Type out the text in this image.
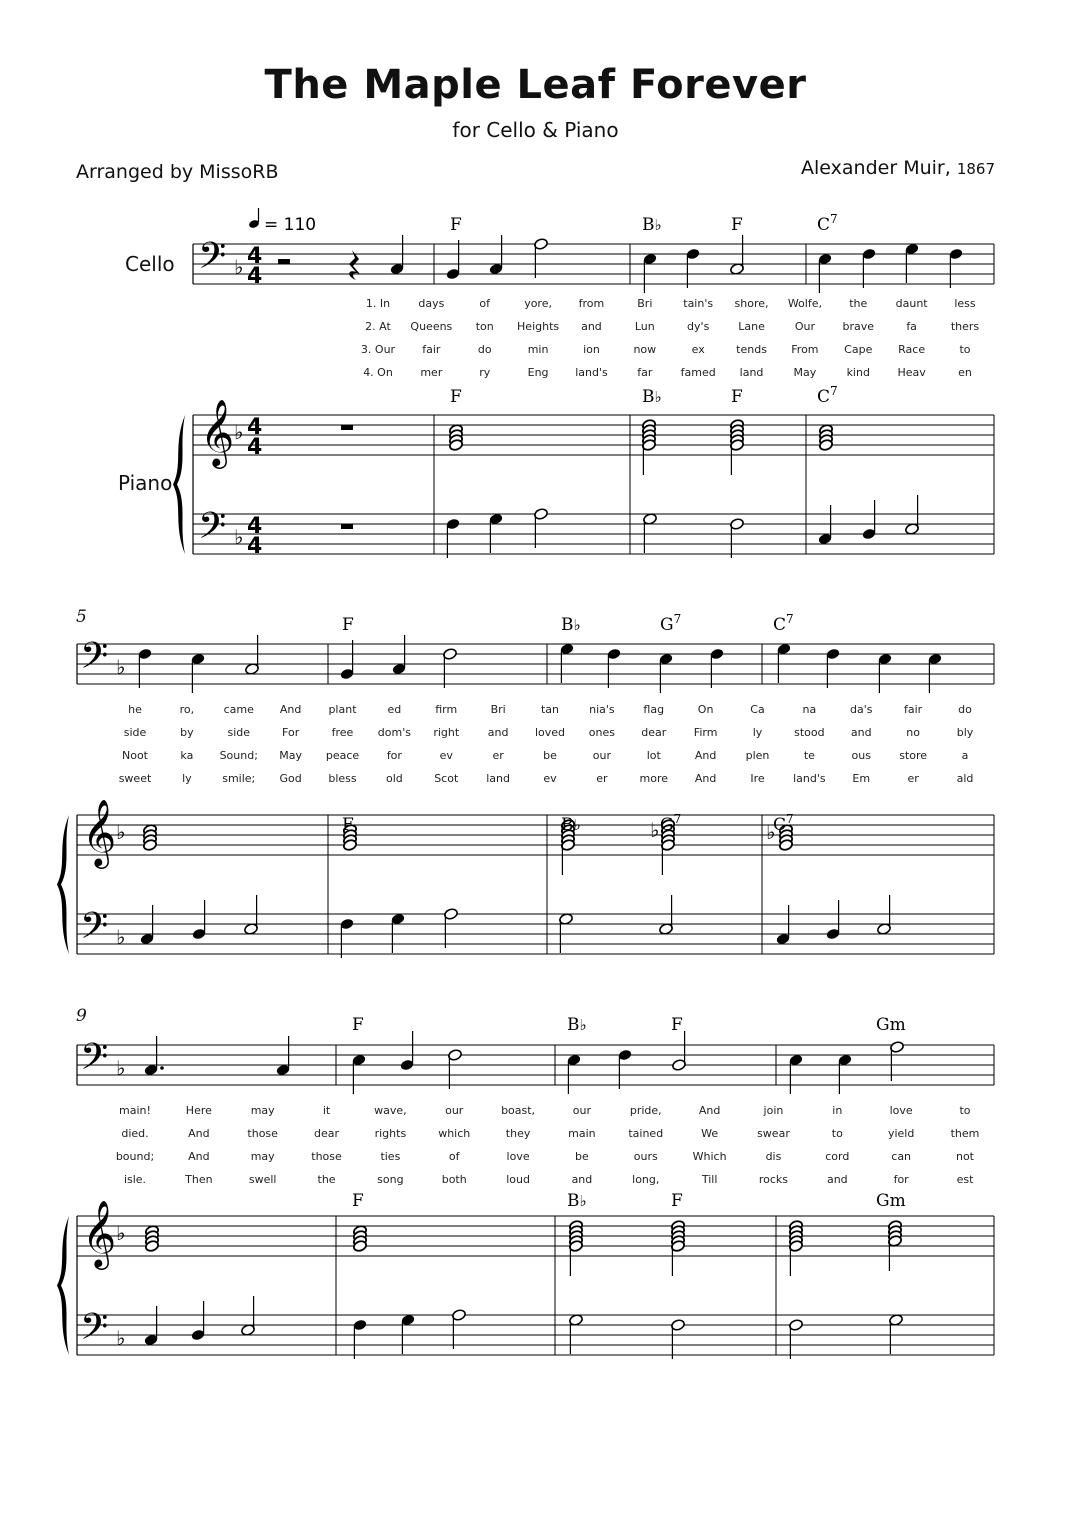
The Maple Leaf Forever
for Cello & Piano
Arranged by MissoRB	Alexander Muir, 1867
= 110
Cello
Piano
5
9
𝄢
𝄞
𝄢
4
4
4
4
4
4
𝄢
𝄞
𝄢
𝄢
𝄞
𝄢
♭
♭
♭
♭
♭
♭
♭
♭
♭
♭	♭
F
F
B♭
B♭
F
F
$C^7$
$C^7$
F
F
B♭
B♭
$G^7$
$G^7$
$C^7$
$C^7$
F
F
B♭
B♭
F
F
Gm
Gm
1. In	days	of	yore, from	Bri	tain's shore, Wolfe, the	daunt less
2. At Queens ton Heights and	Lun	dy's	Lane	Our	brave	fa	thers
3. Our fair	do	min	ion	now	ex	tends From Cape Race	to
4. On	mer	ry	Eng land's	far	famed land	May	kind	Heav	en
he	ro,	came And plant	ed	firm	Bri	tan	nia's	flag	On	Ca	na	da's	fair	do
side	by	side	For	free dom's right	and loved ones dear	Firm	ly	stood and	no	bly
Noot	ka Sound; May peace	for	ev	er	be	our	lot	And	plen	te	ous	store	a
sweet	ly	smile; God bless	old	Scot	land	ev	er	more And	Ire	land's Em	er	ald
main!	Here	may	it	wave,	our	boast,	our	pride,	And	join	in	love	to
died.	And	those	dear	rights	which	they	main	tained	We	swear	to	yield	them
bound;	And	may	those	ties	of	love	be	ours	Which	dis	cord	can	not
isle.	Then	swell	the	song	both	loud	and	long,	Till	rocks	and	for	est
